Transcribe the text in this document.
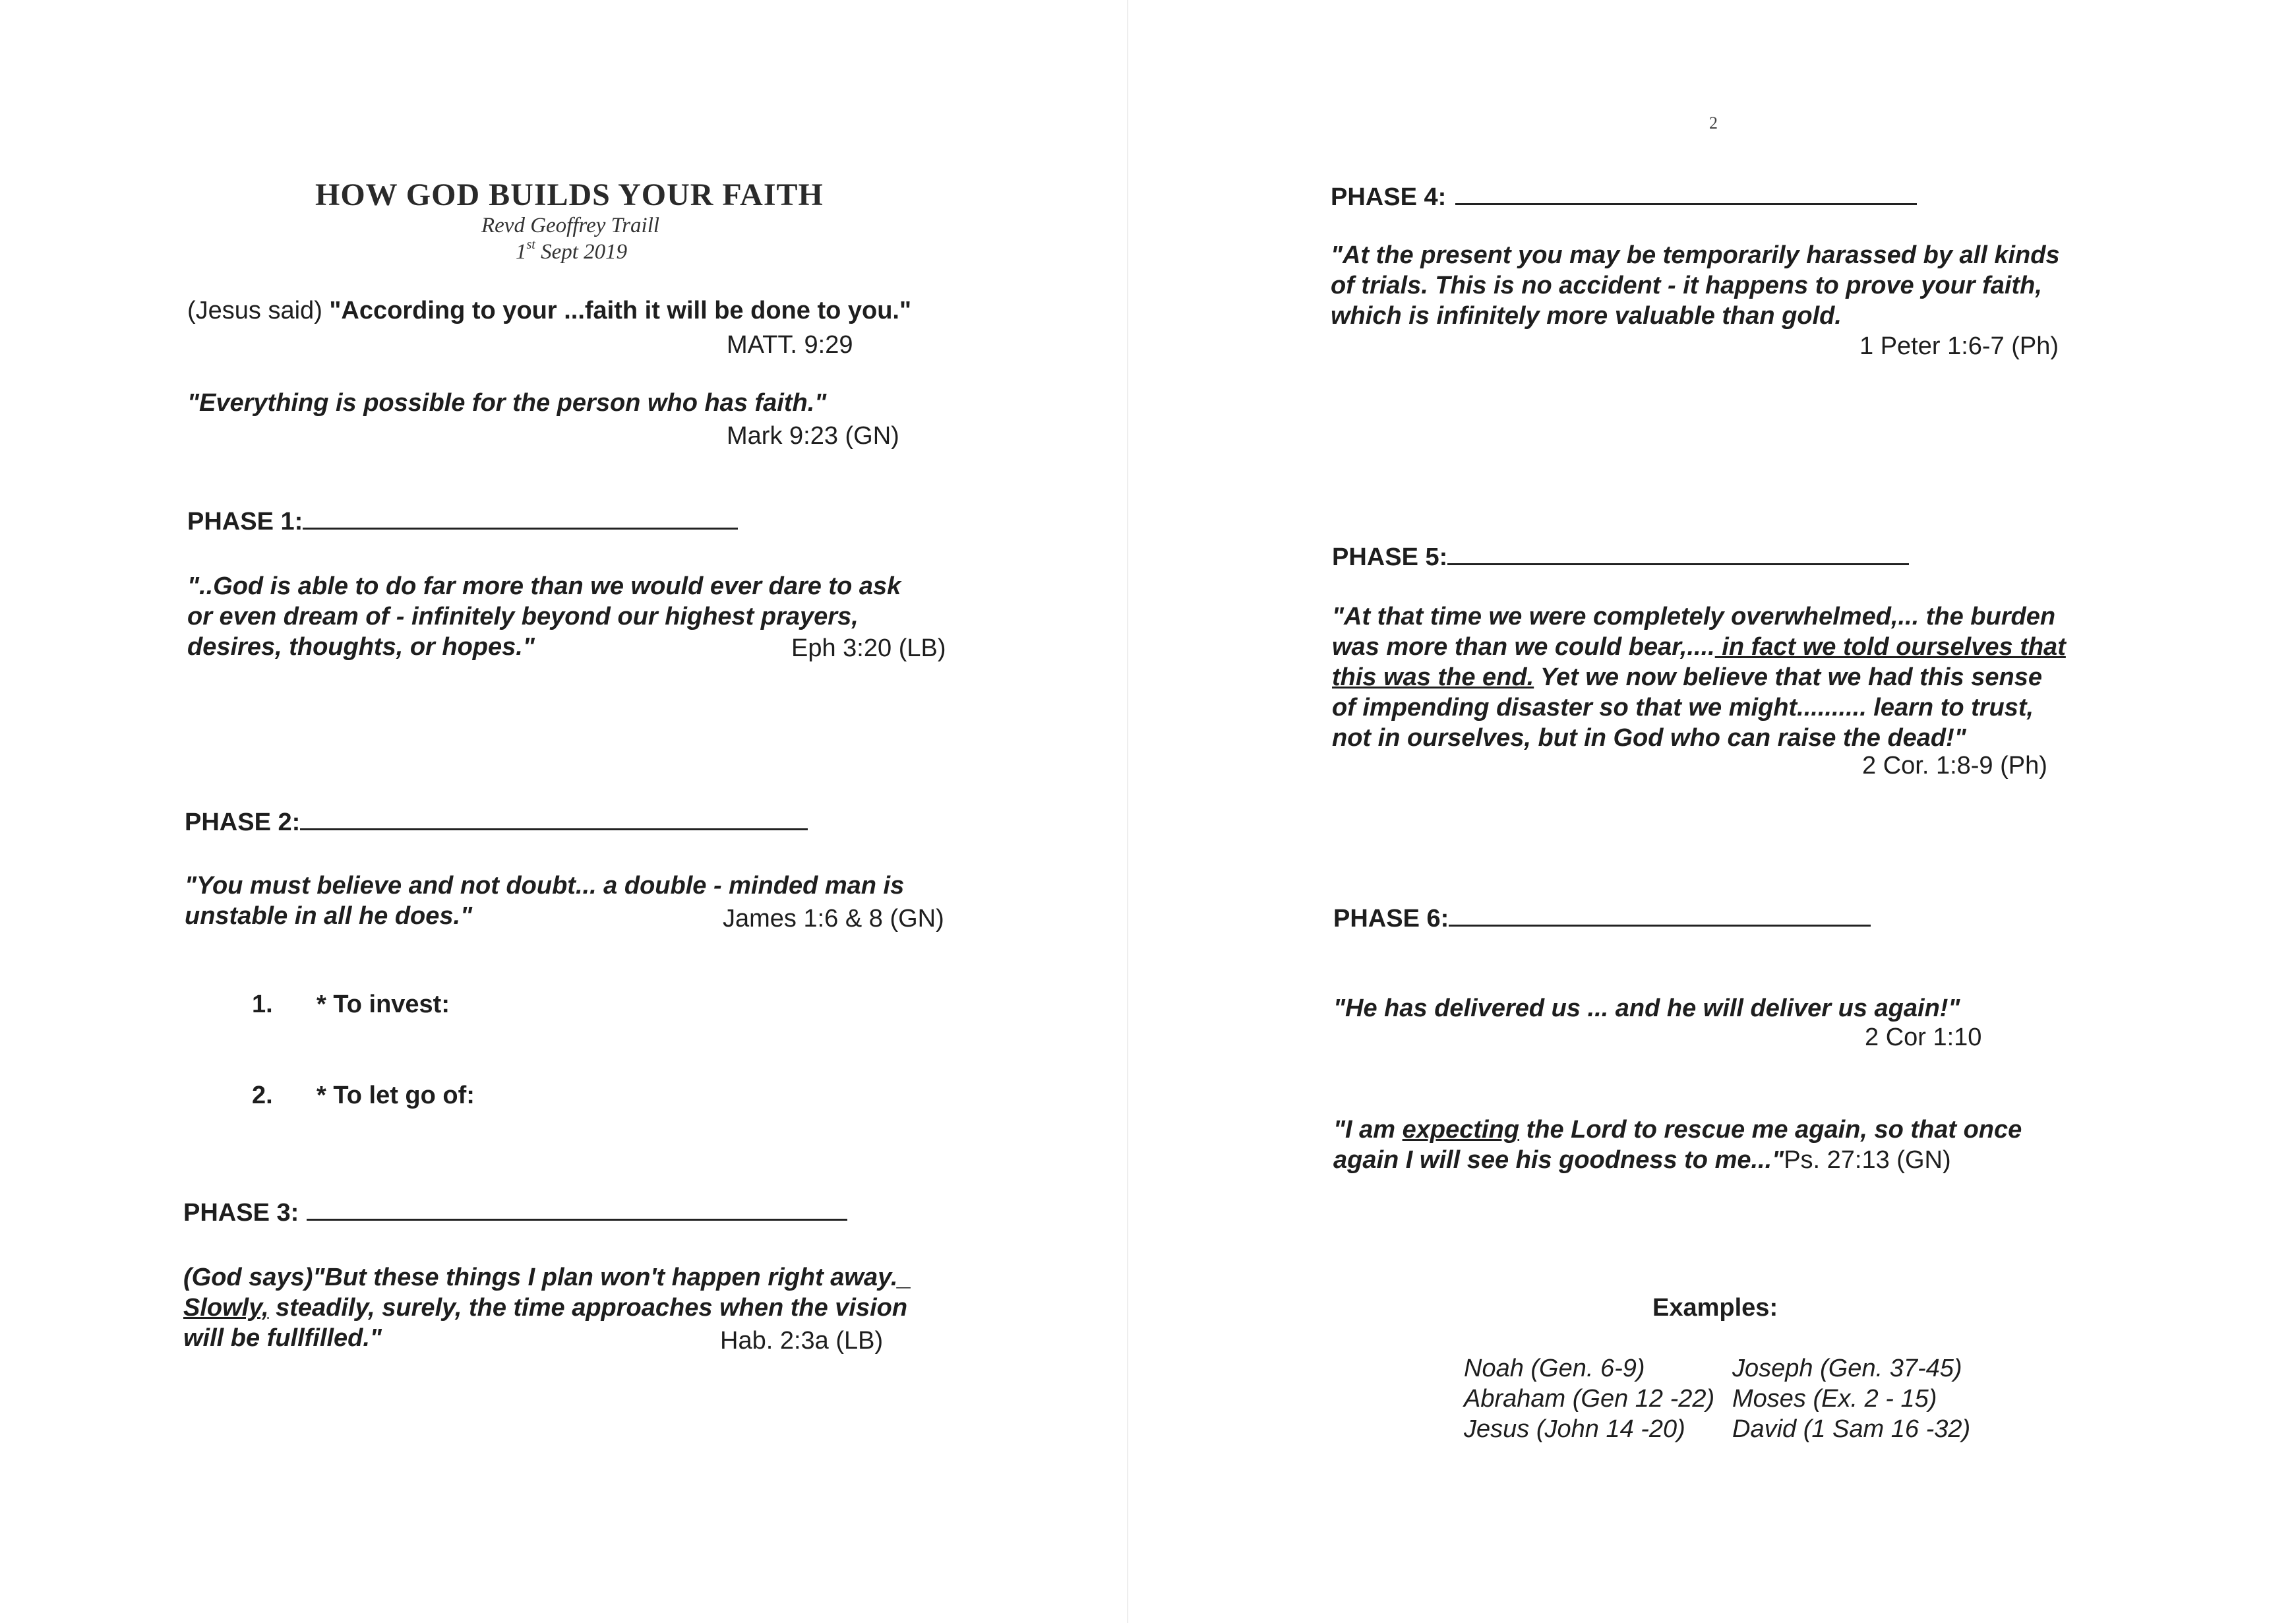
HOW GOD BUILDS YOUR FAITH

Revd Geoffrey Traill

1st Sept 2019

(Jesus said) "According to your ...faith it will be done to you."

MATT. 9:29

"Everything is possible for the person who has faith."

Mark 9:23 (GN)

PHASE 1:

"..God is able to do far more than we would ever dare to ask

or even dream of - infinitely beyond our highest prayers,

desires, thoughts, or hopes."	Eph 3:20 (LB)

PHASE 2:

"You must believe and not doubt... a double - minded man is

unstable in all he does."	James 1:6 & 8 (GN)

1. * To invest:

2. * To let go of:

PHASE 3:

(God says)"But these things I plan won't happen right away._

Slowly, steadily, surely, the time approaches when the vision

will be fullfilled."	Hab. 2:3a (LB)

2

PHASE 4:

"At the present you may be temporarily harassed by all kinds

of trials. This is no accident - it happens to prove your faith,

which is infinitely more valuable than gold.

1 Peter 1:6-7 (Ph)

PHASE 5:

"At that time we were completely overwhelmed,... the burden

was more than we could bear,.... in fact we told ourselves that

this was the end. Yet we now believe that we had this sense

of impending disaster so that we might.......... learn to trust,

not in ourselves, but in God who can raise the dead!"

2 Cor. 1:8-9 (Ph)

PHASE 6:

"He has delivered us ... and he will deliver us again!"

2 Cor 1:10

"I am expecting the Lord to rescue me again, so that once

again I will see his goodness to me..."Ps. 27:13 (GN)

Examples:

Noah (Gen. 6-9)	Joseph (Gen. 37-45)

Abraham (Gen 12 -22) Moses (Ex. 2 - 15)

Jesus (John 14 -20) David (1 Sam 16 -32)
